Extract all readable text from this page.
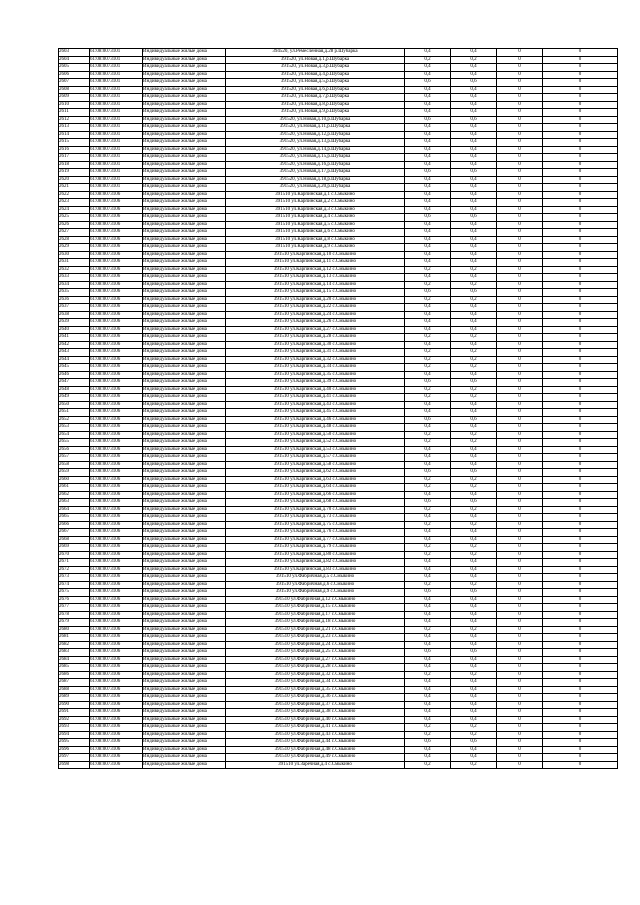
2603	61:08:0073101	Индивидуальные жилые дома	394520, ул.Ремесленная,д.28 р.Шубарка	0,4	0,4	0	0
2604	61:08:0073101	Индивидуальные жилые дома	391520, ул.Новая,д.1,р.Шубарка	0,2	0,2	0	0
2605	61:08:0073101	Индивидуальные жилые дома	391520, ул.Новая,д.3,р.Шубарка	0,4	0,4	0	0
2606	61:08:0073101	Индивидуальные жилые дома	391520, ул.Новая,д.4,р.Шубарка	0,4	0,4	0	0
2607	61:08:0073101	Индивидуальные жилые дома	391520, ул.Новая,д.5,р.Шубарка	0,6	0,6	0	0
2608	61:08:0073101	Индивидуальные жилые дома	391520, ул.Новая,д.6,р.Шубарка	0,4	0,4	0	0
2609	61:08:0073101	Индивидуальные жилые дома	391520, ул.Новая,д.7,р.Шубарка	0,4	0,4	0	0
2610	61:08:0073101	Индивидуальные жилые дома	391520, ул.Новая,д.8,р.Шубарка	0,4	0,4	0	0
2611	61:08:0073101	Индивидуальные жилые дома	391520, ул.Новая,д.9,р.Шубарка	0,4	0,4	0	0
2612	61:08:0073101	Индивидуальные жилые дома	391520, ул.Новая,д.10,р.Шубарка	0,6	0,6	0	0
2613	61:08:0073101	Индивидуальные жилые дома	391520, ул.Новая,д.11,р.Шубарка	0,4	0,4	0	0
2614	61:08:0073101	Индивидуальные жилые дома	391520, ул.Новая,д.12,р.Шубарка	0,4	0,4	0	0
2615	61:08:0073101	Индивидуальные жилые дома	391520, ул.Новая,д.13,р.Шубарка	0,4	0,4	0	0
2616	61:08:0073101	Индивидуальные жилые дома	391520, ул.Новая,д.14,р.Шубарка	0,4	0,4	0	0
2617	61:08:0073101	Индивидуальные жилые дома	391520, ул.Новая,д.15,р.Шубарка	0,4	0,4	0	0
2618	61:08:0073101	Индивидуальные жилые дома	391520, ул.Новая,д.16,р.Шубарка	0,4	0,4	0	0
2619	61:08:0073101	Индивидуальные жилые дома	391520, ул.Новая,д.17,р.Шубарка	0,6	0,6	0	0
2620	61:08:0073101	Индивидуальные жилые дома	391520, ул.Новая,д.18,р.Шубарка	0,4	0,4	0	0
2621	61:08:0073101	Индивидуальные жилые дома	391520, ул.Новая,д.20,р.Шубарка	0,4	0,4	0	0
2622	61:08:0073106	Индивидуальные жилые дома	391510 ул.Карпинская,д.1 с.Смыкино	0,4	0,4	0	0
2623	61:08:0073106	Индивидуальные жилые дома	391510 ул.Карпинская,д.2 с.Смыкино	0,4	0,4	0	0
2624	61:08:0073106	Индивидуальные жилые дома	391510 ул.Карпинская,д.3 с.Смыкино	0,4	0,4	0	0
2625	61:08:0073106	Индивидуальные жилые дома	391510 ул.Карпинская,д.4 с.Смыкино	0,6	0,6	0	0
2626	61:08:0073106	Индивидуальные жилые дома	391510 ул.Карпинская,д.5 с.Смыкино	0,4	0,4	0	0
2627	61:08:0073106	Индивидуальные жилые дома	391510 ул.Карпинская,д.6 с.Смыкино	0,4	0,4	0	0
2628	61:08:0073106	Индивидуальные жилые дома	391510 ул.Карпинская,д.8 с.Смыкино	0,4	0,4	0	0
2629	61:08:0073106	Индивидуальные жилые дома	391510 ул.Карпинская,д.9 с.Смыкино	0,4	0,4	0	0
2630	61:08:0073106	Индивидуальные жилые дома	391510 ул.Карпинская,д.10 с.Смыкино	0,4	0,4	0	0
2631	61:08:0073106	Индивидуальные жилые дома	391510 ул.Карпинская,д.11 с.Смыкино	0,4	0,4	0	0
2632	61:08:0073106	Индивидуальные жилые дома	391510 ул.Карпинская,д.12 с.Смыкино	0,2	0,2	0	0
2633	61:08:0073106	Индивидуальные жилые дома	391510 ул.Карпинская,д.13 с.Смыкино	0,4	0,4	0	0
2634	61:08:0073106	Индивидуальные жилые дома	391510 ул.Карпинская,д.14 с.Смыкино	0,2	0,2	0	0
2635	61:08:0073106	Индивидуальные жилые дома	391510 ул.Карпинская,д.15 с.Смыкино	0,6	0,6	0	0
2636	61:08:0073106	Индивидуальные жилые дома	391510 ул.Карпинская,д.20 с.Смыкино	0,2	0,2	0	0
2637	61:08:0073106	Индивидуальные жилые дома	391510 ул.Карпинская,д.22 с.Смыкино	0,4	0,4	0	0
2638	61:08:0073106	Индивидуальные жилые дома	391510 ул.Карпинская,д.24 с.Смыкино	0,4	0,4	0	0
2639	61:08:0073106	Индивидуальные жилые дома	391510 ул.Карпинская,д.26 с.Смыкино	0,4	0,4	0	0
2640	61:08:0073106	Индивидуальные жилые дома	391510 ул.Карпинская,д.27 с.Смыкино	0,4	0,4	0	0
2641	61:08:0073106	Индивидуальные жилые дома	391510 ул.Карпинская,д.28 с.Смыкино	0,2	0,2	0	0
2642	61:08:0073106	Индивидуальные жилые дома	391510 ул.Карпинская,д.30 с.Смыкино	0,4	0,4	0	0
2643	61:08:0073106	Индивидуальные жилые дома	391510 ул.Карпинская,д.31 с.Смыкино	0,2	0,2	0	0
2644	61:08:0073106	Индивидуальные жилые дома	391510 ул.Карпинская,д.32 с.Смыкино	0,2	0,2	0	0
2645	61:08:0073106	Индивидуальные жилые дома	391510 ул.Карпинская,д.34 с.Смыкино	0,2	0,2	0	0
2646	61:08:0073106	Индивидуальные жилые дома	391510 ул.Карпинская,д.35 с.Смыкино	0,4	0,4	0	0
2647	61:08:0073106	Индивидуальные жилые дома	391510 ул.Карпинская,д.39 с.Смыкино	0,6	0,6	0	0
2648	61:08:0073106	Индивидуальные жилые дома	391510 ул.Карпинская,д.40 с.Смыкино	0,2	0,2	0	0
2649	61:08:0073106	Индивидуальные жилые дома	391510 ул.Карпинская,д.41 с.Смыкино	0,2	0,2	0	0
2650	61:08:0073106	Индивидуальные жилые дома	391510 ул.Карпинская,д.43 с.Смыкино	0,4	0,4	0	0
2651	61:08:0073106	Индивидуальные жилые дома	391510 ул.Карпинская,д.45 с.Смыкино	0,4	0,4	0	0
2652	61:08:0073106	Индивидуальные жилые дома	391510 ул.Карпинская,д.46 с.Смыкино	0,6	0,6	0	0
2653	61:08:0073106	Индивидуальные жилые дома	391510 ул.Карпинская,д.48 с.Смыкино	0,4	0,4	0	0
2654	61:08:0073106	Индивидуальные жилые дома	391510 ул.Карпинская,д.50 с.Смыкино	0,2	0,2	0	0
2655	61:08:0073106	Индивидуальные жилые дома	391510 ул.Карпинская,д.52 с.Смыкино	0,2	0,2	0	0
2656	61:08:0073106	Индивидуальные жилые дома	391510 ул.Карпинская,д.53 с.Смыкино	0,4	0,4	0	0
2657	61:08:0073106	Индивидуальные жилые дома	391510 ул.Карпинская,д.57 с.Смыкино	0,4	0,4	0	0
2658	61:08:0073106	Индивидуальные жилые дома	391510 ул.Карпинская,д.58 с.Смыкино	0,4	0,4	0	0
2659	61:08:0073106	Индивидуальные жилые дома	391510 ул.Карпинская,д.62 с.Смыкино	0,6	0,6	0	0
2660	61:08:0073106	Индивидуальные жилые дома	391510 ул.Карпинская,д.63 с.Смыкино	0,2	0,2	0	0
2661	61:08:0073106	Индивидуальные жилые дома	391510 ул.Карпинская,д.64 с.Смыкино	0,2	0,2	0	0
2662	61:08:0073106	Индивидуальные жилые дома	391510 ул.Карпинская,д.66 с.Смыкино	0,4	0,4	0	0
2663	61:08:0073106	Индивидуальные жилые дома	391510 ул.Карпинская,д.68 с.Смыкино	0,6	0,6	0	0
2664	61:08:0073106	Индивидуальные жилые дома	391510 ул.Карпинская,д.70 с.Смыкино	0,2	0,2	0	0
2665	61:08:0073106	Индивидуальные жилые дома	391510 ул.Карпинская,д.73 с.Смыкино	0,4	0,4	0	0
2666	61:08:0073106	Индивидуальные жилые дома	391510 ул.Карпинская,д.75 с.Смыкино	0,2	0,2	0	0
2667	61:08:0073106	Индивидуальные жилые дома	391510 ул.Карпинская,д.76 с.Смыкино	0,4	0,4	0	0
2668	61:08:0073106	Индивидуальные жилые дома	391510 ул.Карпинская,д.77 с.Смыкино	0,4	0,4	0	0
2669	61:08:0073106	Индивидуальные жилые дома	391510 ул.Карпинская,д.79 с.Смыкино	0,2	0,2	0	0
2670	61:08:0073106	Индивидуальные жилые дома	391510 ул.Карпинская,д.80 с.Смыкино	0,2	0,2	0	0
2671	61:08:0073106	Индивидуальные жилые дома	391510 ул.Карпинская,д.82 с.Смыкино	0,4	0,4	0	0
2672	61:08:0073106	Индивидуальные жилые дома	391510 ул.Карпинская,д.83 с.Смыкино	0,4	0,4	0	0
2673	61:08:0073106	Индивидуальные жилые дома	391510 ул.Фабричная,д.5 с.Смыкино	0,4	0,4	0	0
2674	61:08:0073106	Индивидуальные жилые дома	391510 ул.Фабричная,д.6 с.Смыкино	0,2	0,2	0	0
2675	61:08:0073106	Индивидуальные жилые дома	391510 ул.Фабричная,д.9 с.Смыкино	0,6	0,6	0	0
2676	61:08:0073106	Индивидуальные жилые дома	391510 ул.Фабричная,д.12 с.Смыкино	0,4	0,4	0	0
2677	61:08:0073106	Индивидуальные жилые дома	391510 ул.Фабричная,д.15 с.Смыкино	0,4	0,4	0	0
2678	61:08:0073106	Индивидуальные жилые дома	391510 ул.Фабричная,д.17 с.Смыкино	0,4	0,4	0	0
2679	61:08:0073106	Индивидуальные жилые дома	391510 ул.Фабричная,д.18 с.Смыкино	0,4	0,4	0	0
2680	61:08:0073106	Индивидуальные жилые дома	391510 ул.Фабричная,д.21 с.Смыкино	0,2	0,2	0	0
2681	61:08:0073106	Индивидуальные жилые дома	391510 ул.Фабричная,д.23 с.Смыкино	0,4	0,4	0	0
2682	61:08:0073106	Индивидуальные жилые дома	391510 ул.Фабричная,д.24 с.Смыкино	0,4	0,4	0	0
2683	61:08:0073106	Индивидуальные жилые дома	391510 ул.Фабричная,д.25 с.Смыкино	0,6	0,6	0	0
2684	61:08:0073106	Индивидуальные жилые дома	391510 ул.Фабричная,д.27 с.Смыкино	0,4	0,4	0	0
2685	61:08:0073106	Индивидуальные жилые дома	391510 ул.Фабричная,д.28 с.Смыкино	0,4	0,4	0	0
2686	61:08:0073106	Индивидуальные жилые дома	391510 ул.Фабричная,д.32 с.Смыкино	0,2	0,2	0	0
2687	61:08:0073106	Индивидуальные жилые дома	391510 ул.Фабричная,д.34 с.Смыкино	0,4	0,4	0	0
2688	61:08:0073106	Индивидуальные жилые дома	391510 ул.Фабричная,д.35 с.Смыкино	0,4	0,4	0	0
2689	61:08:0073106	Индивидуальные жилые дома	391510 ул.Фабричная,д.36 с.Смыкино	0,4	0,4	0	0
2690	61:08:0073106	Индивидуальные жилые дома	391510 ул.Фабричная,д.37 с.Смыкино	0,4	0,4	0	0
2691	61:08:0073106	Индивидуальные жилые дома	391510 ул.Фабричная,д.38 с.Смыкино	0,4	0,4	0	0
2692	61:08:0073106	Индивидуальные жилые дома	391510 ул.Фабричная,д.40 с.Смыкино	0,4	0,4	0	0
2693	61:08:0073106	Индивидуальные жилые дома	391510 ул.Фабричная,д.41 с.Смыкино	0,2	0,2	0	0
2694	61:08:0073106	Индивидуальные жилые дома	391510 ул.Фабричная,д.43 с.Смыкино	0,2	0,2	0	0
2695	61:08:0073106	Индивидуальные жилые дома	391510 ул.Фабричная,д.44 с.Смыкино	0,6	0,6	0	0
2696	61:08:0073106	Индивидуальные жилые дома	391510 ул.Фабричная,д.48 с.Смыкино	0,4	0,4	0	0
2697	61:08:0073106	Индивидуальные жилые дома	391510 ул.Фабричная,д.49 с.Смыкино	0,4	0,4	0	0
2698	61:08:0073106	Индивидуальные жилые дома	391510 ул.Заречная,д.4 с.Смыкино	0,2	0,2	0	0
